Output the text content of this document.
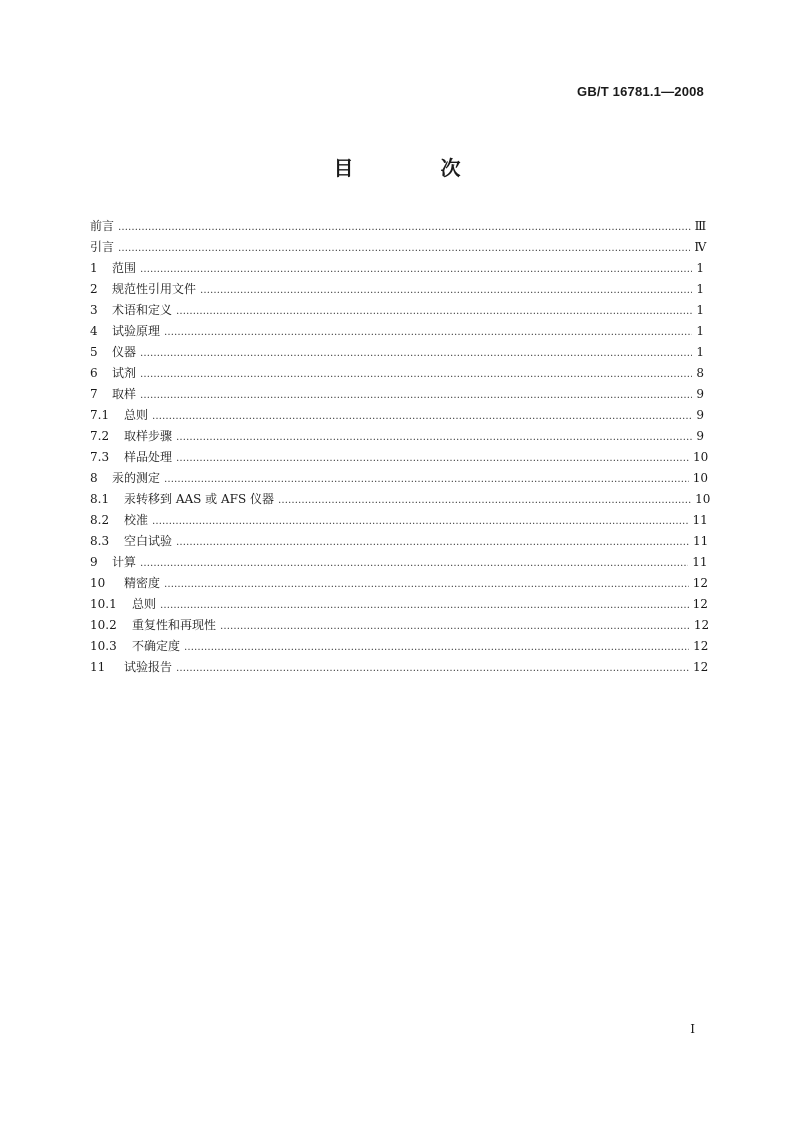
GB/T 16781.1—2008
目 次
前言 ……………………………………………………………………………………………………………………………………………………………………………………………	Ⅲ
引言 ……………………………………………………………………………………………………………………………………………………………………………………………	Ⅳ
1	范围 ……………………………………………………………………………………………………………………………………………………………………………………………	1
2	规范性引用文件 ……………………………………………………………………………………………………………………………………………………………………………………………	1
3	术语和定义 ……………………………………………………………………………………………………………………………………………………………………………………………	1
4	试验原理 ……………………………………………………………………………………………………………………………………………………………………………………………	1
5	仪器 ……………………………………………………………………………………………………………………………………………………………………………………………	1
6	试剂 ……………………………………………………………………………………………………………………………………………………………………………………………	8
7	取样 ……………………………………………………………………………………………………………………………………………………………………………………………	9
7.1	总则 ……………………………………………………………………………………………………………………………………………………………………………………………	9
7.2	取样步骤 ……………………………………………………………………………………………………………………………………………………………………………………………	9
7.3	样品处理 ……………………………………………………………………………………………………………………………………………………………………………………………	10
8	汞的测定 ……………………………………………………………………………………………………………………………………………………………………………………………	10
8.1	汞转移到 AAS 或 AFS 仪器 ……………………………………………………………………………………………………………………………………………………………………………………………	10
8.2	校准 ……………………………………………………………………………………………………………………………………………………………………………………………	11
8.3	空白试验 ……………………………………………………………………………………………………………………………………………………………………………………………	11
9	计算 ……………………………………………………………………………………………………………………………………………………………………………………………	11
10	精密度 ……………………………………………………………………………………………………………………………………………………………………………………………	12
10.1	总则 ……………………………………………………………………………………………………………………………………………………………………………………………	12
10.2	重复性和再现性 ……………………………………………………………………………………………………………………………………………………………………………………………	12
10.3	不确定度 ……………………………………………………………………………………………………………………………………………………………………………………………	12
11	试验报告 ……………………………………………………………………………………………………………………………………………………………………………………………	12
I
